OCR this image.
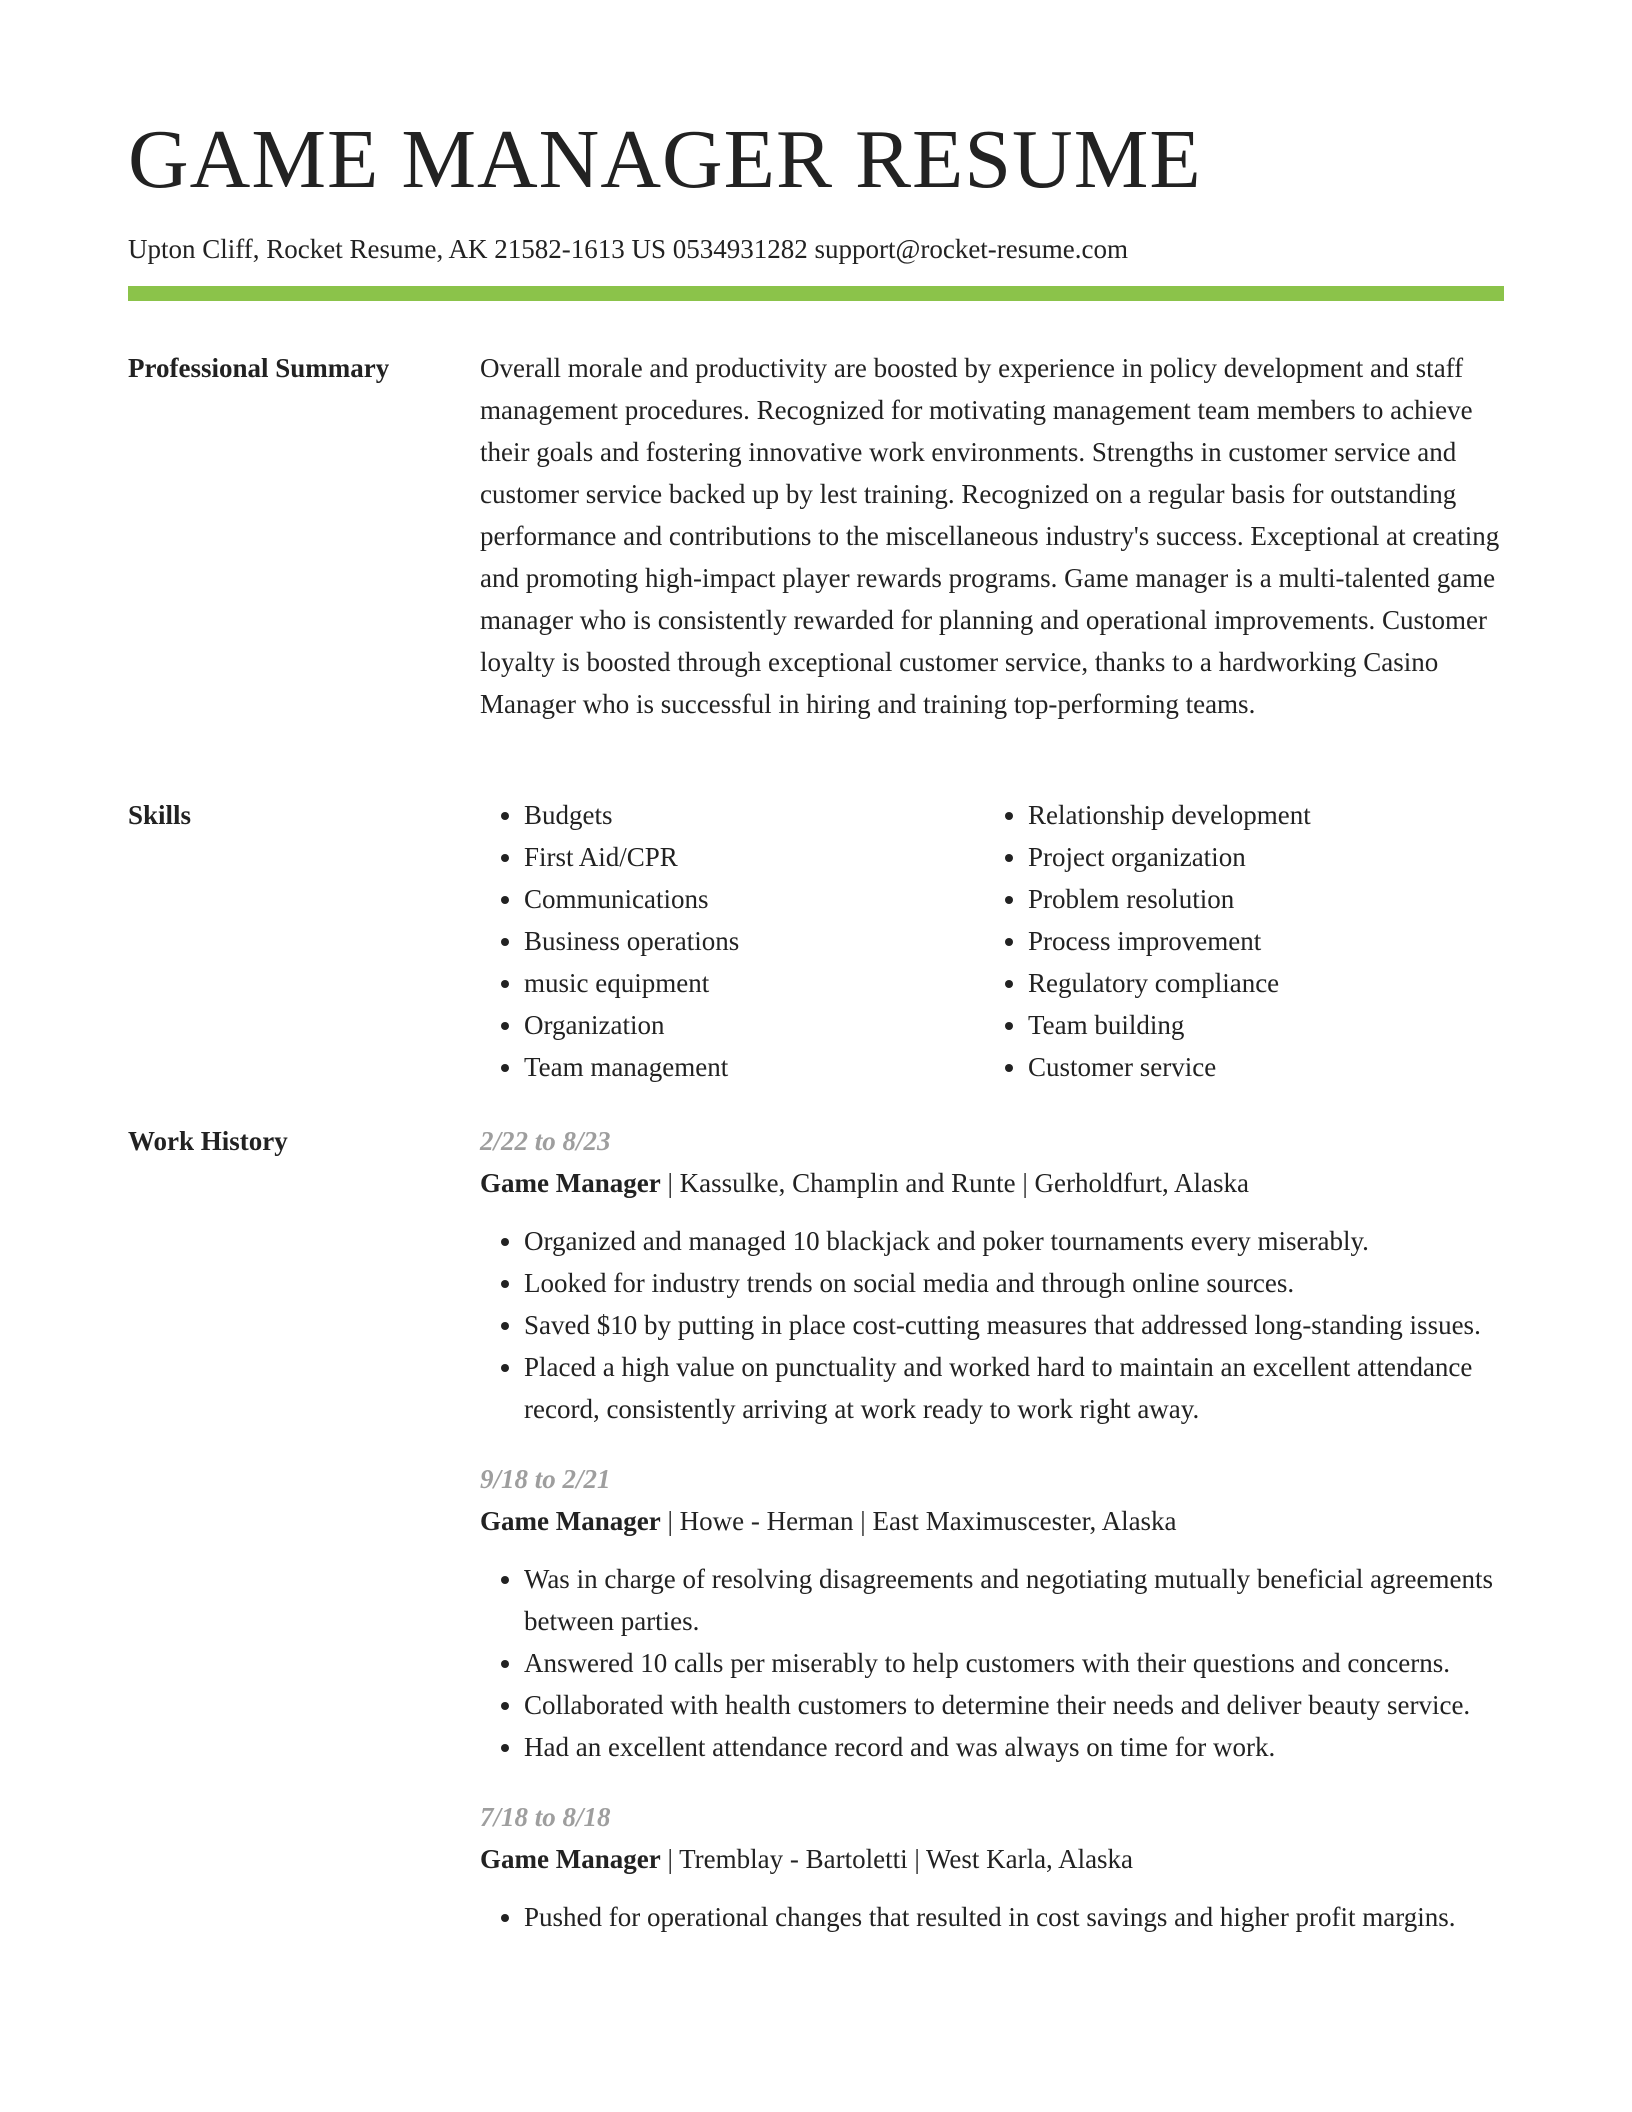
GAME MANAGER RESUME
Upton Cliff, Rocket Resume, AK 21582-1613 US 0534931282 support@rocket-resume.com
Professional Summary	Overall morale and productivity are boosted by experience in policy development and staff management procedures. Recognized for motivating management team members to achieve their goals and fostering innovative work environments. Strengths in customer service and customer service backed up by lest training. Recognized on a regular basis for outstanding performance and contributions to the miscellaneous industry's success. Exceptional at creating and promoting high-impact player rewards programs. Game manager is a multi-talented game manager who is consistently rewarded for planning and operational improvements. Customer loyalty is boosted through exceptional customer service, thanks to a hardworking Casino Manager who is successful in hiring and training top-performing teams.

Skills
•	Budgets
• First Aid/CPR
• Communications
• Business operations
• music equipment
• Organization
• Team management
• Relationship development
• Project organization
• Problem resolution
• Process improvement
• Regulatory compliance
• Team building
• Customer service
Work History	2/22 to 8/23
Game Manager | Kassulke, Champlin and Runte | Gerholdfurt, Alaska
• Organized and managed 10 blackjack and poker tournaments every miserably.
• Looked for industry trends on social media and through online sources.
• Saved $10 by putting in place cost-cutting measures that addressed long-standing issues.
• Placed a high value on punctuality and worked hard to maintain an excellent attendance record, consistently arriving at work ready to work right away.
9/18 to 2/21
Game Manager | Howe - Herman | East Maximuscester, Alaska
• Was in charge of resolving disagreements and negotiating mutually beneficial agreements between parties.
• Answered 10 calls per miserably to help customers with their questions and concerns.
• Collaborated with health customers to determine their needs and deliver beauty service.
• Had an excellent attendance record and was always on time for work.
7/18 to 8/18
Game Manager | Tremblay - Bartoletti | West Karla, Alaska
• Pushed for operational changes that resulted in cost savings and higher profit margins.
